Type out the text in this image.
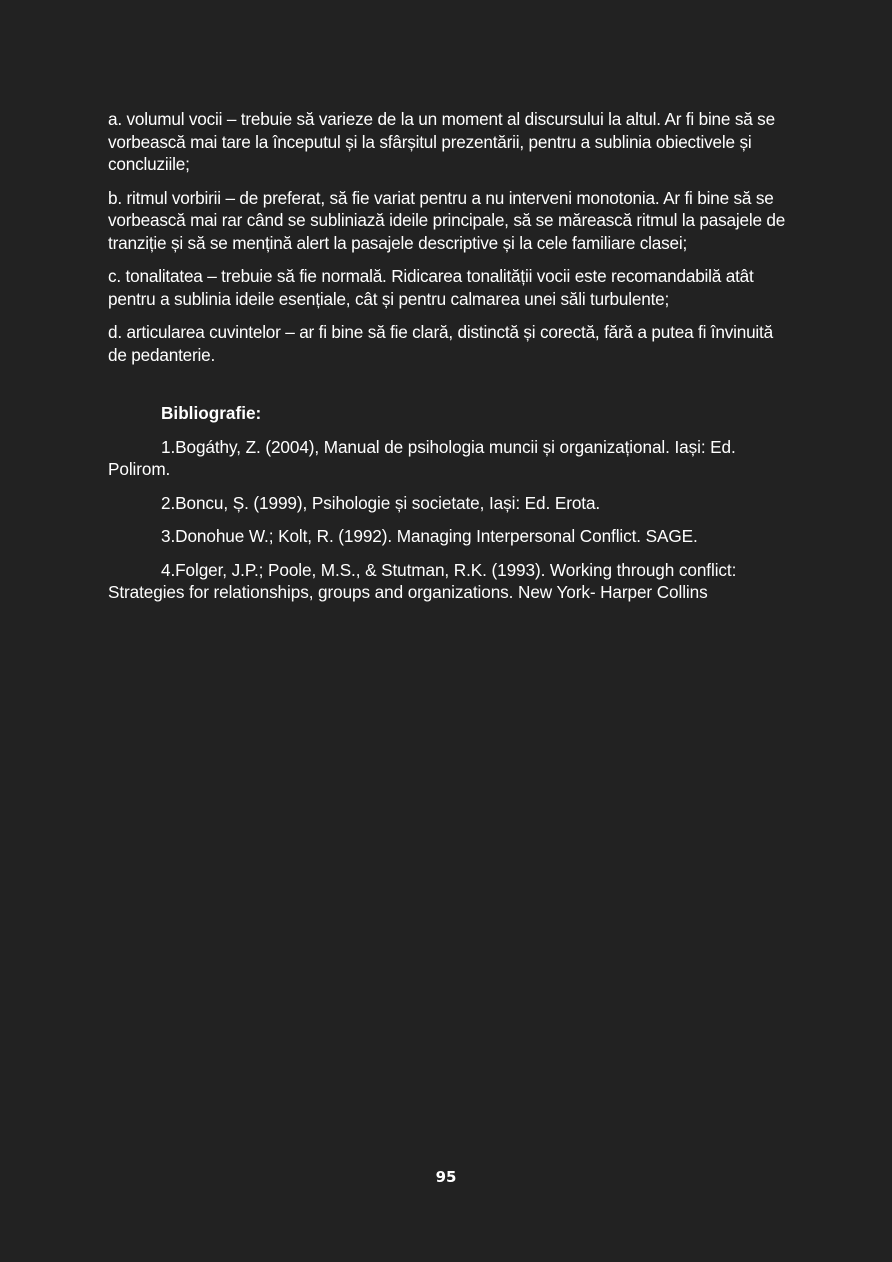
a. volumul vocii – trebuie să varieze de la un moment al discursului la altul. Ar fi bine să se vorbească mai tare la începutul și la sfârșitul prezentării, pentru a sublinia obiectivele și concluziile;

b. ritmul vorbirii – de preferat, să fie variat pentru a nu interveni monotonia. Ar fi bine să se vorbească mai rar când se subliniază ideile principale, să se mărească ritmul la pasajele de tranziție și să se mențină alert la pasajele descriptive și la cele familiare clasei;

c. tonalitatea – trebuie să fie normală. Ridicarea tonalității vocii este recomandabilă atât pentru a sublinia ideile esențiale, cât și pentru calmarea unei săli turbulente;

d. articularea cuvintelor – ar fi bine să fie clară, distinctă și corectă, fără a putea fi învinuită de pedanterie.

Bibliografie:

1.Bogáthy, Z. (2004), Manual de psihologia muncii și organizațional. Iași: Ed. Polirom.

2.Boncu, Ș. (1999), Psihologie și societate, Iași: Ed. Erota.

3.Donohue W.; Kolt, R. (1992). Managing Interpersonal Conflict. SAGE.

4.Folger, J.P.; Poole, M.S., & Stutman, R.K. (1993). Working through conflict: Strategies for relationships, groups and organizations. New York- Harper Collins

95
